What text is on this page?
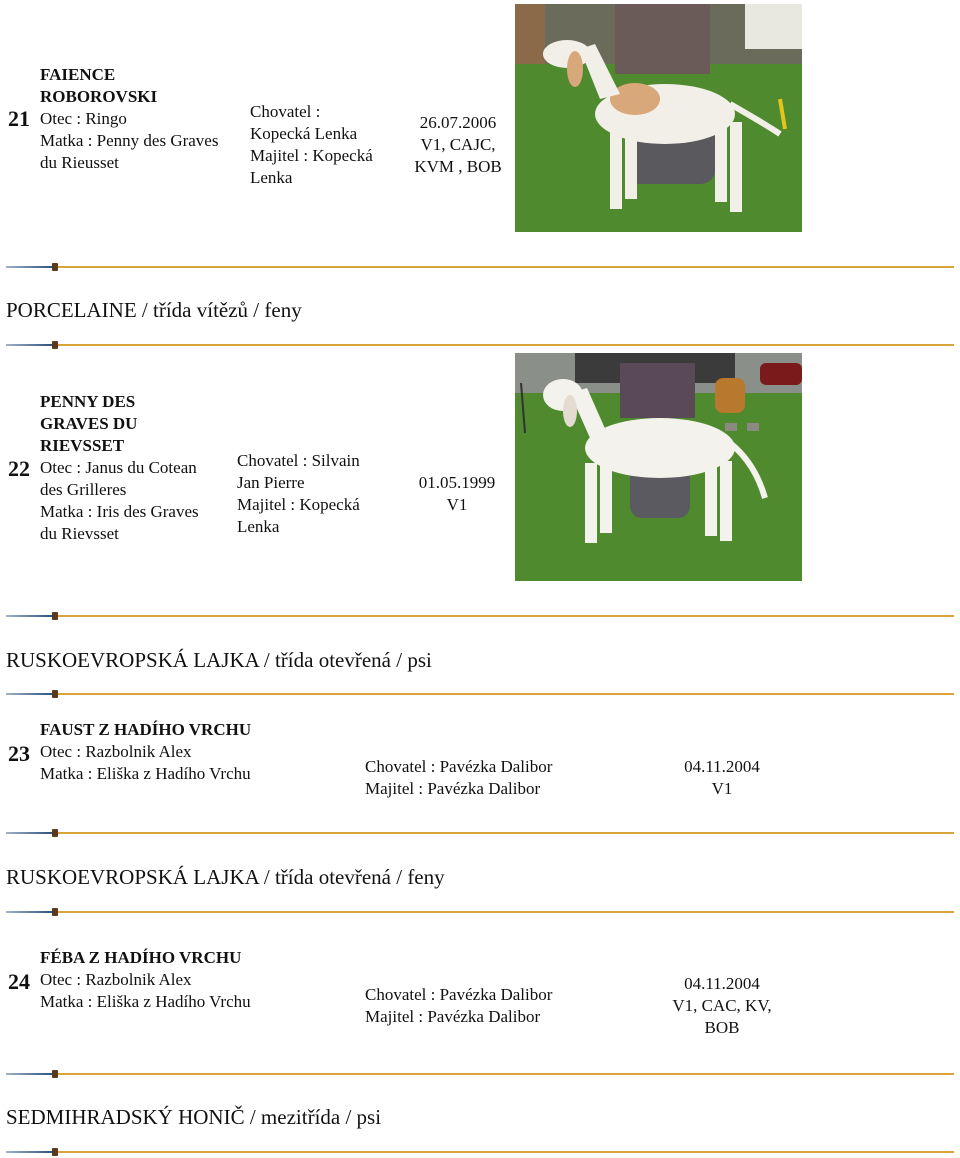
21
FAIENCE
ROBOROVSKI
Otec : Ringo
Matka : Penny des Graves
du Rieusset
Chovatel :
Kopecká Lenka
Majitel : Kopecká
Lenka
26.07.2006
V1, CAJC,
KVM , BOB
PORCELAINE / třída vítězů / feny
22
PENNY DES
GRAVES DU
RIEVSSET
Otec : Janus du Cotean
des Grilleres
Matka : Iris des Graves
du Rievsset
Chovatel : Silvain
Jan Pierre
Majitel : Kopecká
Lenka
01.05.1999
V1
RUSKOEVROPSKÁ LAJKA / třída otevřená / psi
23
FAUST Z HADÍHO VRCHU
Otec : Razbolnik Alex
Matka : Eliška z Hadího Vrchu	Chovatel : Pavézka Dalibor
Majitel : Pavézka Dalibor
04.11.2004
V1
RUSKOEVROPSKÁ LAJKA / třída otevřená / feny
24
FÉBA Z HADÍHO VRCHU
Otec : Razbolnik Alex
Matka : Eliška z Hadího Vrchu	Chovatel : Pavézka Dalibor
Majitel : Pavézka Dalibor
04.11.2004
V1, CAC, KV,
BOB
SEDMIHRADSKÝ HONIČ / mezitřída / psi
